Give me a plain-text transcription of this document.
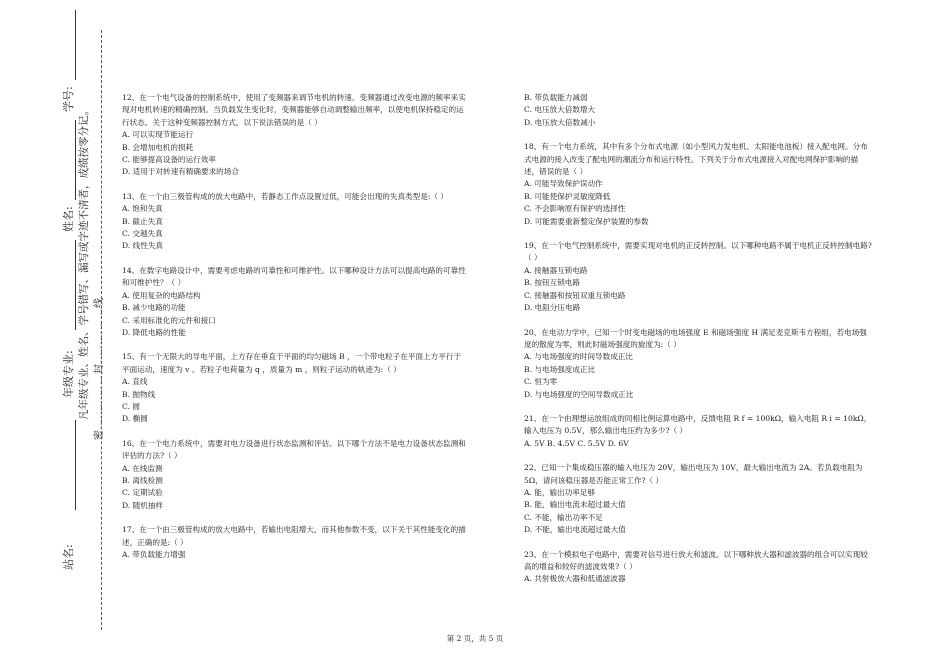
学号:
姓名:
年级专业:
站名:
凡年级专业、姓名、学号错写、漏写或字迹不清者，成绩按零分记。 密……………封……………线

12、在一个电气设备的控制系统中，使用了变频器来调节电机的转速。变频器通过改变电源的频率来实现对电机转速的精确控制。当负载发生变化时，变频器能够自动调整输出频率，以使电机保持稳定的运行状态。关于这种变频器控制方式，以下说法错误的是（ ）

A. 可以实现节能运行

B. 会增加电机的损耗

C. 能够提高设备的运行效率

D. 适用于对转速有精确要求的场合

13、在一个由三极管构成的放大电路中，若静态工作点设置过低，可能会出现的失真类型是:（ ）

A. 饱和失真

B. 截止失真

C. 交越失真

D. 线性失真

14、在数字电路设计中，需要考虑电路的可靠性和可维护性。以下哪种设计方法可以提高电路的可靠性和可维护性？（ ）

A. 使用复杂的电路结构

B. 减少电路的功能

C. 采用标准化的元件和接口

D. 降低电路的性能

15、有一个无限大的导电平面，上方存在垂直于平面的均匀磁场 B ，一个带电粒子在平面上方平行于平面运动，速度为 v 。若粒子电荷量为 q ，质量为 m ，则粒子运动的轨迹为:（ ）

A. 直线

B. 抛物线

C. 圆

D. 椭圆

16、在一个电力系统中，需要对电力设备进行状态监测和评估。以下哪个方法不是电力设备状态监测和评估的方法?（ ）

A. 在线监测

B. 离线检测

C. 定期试验

D. 随机抽样

17、在一个由三极管构成的放大电路中，若输出电阻增大，而其他参数不变，以下关于其性能变化的描述，正确的是:（ ）

A. 带负载能力增强

B. 带负载能力减弱

C. 电压放大倍数增大

D. 电压放大倍数减小

18、有一个电力系统，其中有多个分布式电源（如小型风力发电机、太阳能电池板）接入配电网。分布式电源的接入改变了配电网的潮流分布和运行特性。下列关于分布式电源接入对配电网保护影响的描述，错误的是（ ）

A. 可能导致保护误动作

B. 可能使保护灵敏度降低

C. 不会影响原有保护的选择性

D. 可能需要重新整定保护装置的参数

19、在一个电气控制系统中，需要实现对电机的正反转控制。以下哪种电路不属于电机正反转控制电路?（ ）

A. 接触器互锁电路

B. 按钮互锁电路

C. 接触器和按钮双重互锁电路

D. 电阻分压电路

20、在电动力学中，已知一个时变电磁场的电场强度 E 和磁场强度 H 满足麦克斯韦方程组，若电场强度的散度为零，则此时磁场强度的旋度为:（ ）

A. 与电场强度的时间导数成正比

B. 与电场强度成正比

C. 恒为零

D. 与电场强度的空间导数成正比

21、在一个由理想运放组成的同相比例运算电路中，反馈电阻 R f = 100kΩ，输入电阻 R i = 10kΩ，输入电压为 0.5V，那么输出电压约为多少?（ ）

A. 5V B. 4.5V C. 5.5V D. 6V

22、已知一个集成稳压器的输入电压为 20V，输出电压为 10V，最大输出电流为 2A。若负载电阻为 5Ω，请问该稳压器是否能正常工作?（ ）

A. 能，输出功率足够

B. 能，输出电流未超过最大值

C. 不能，输出功率不足

D. 不能，输出电流超过最大值

23、在一个模拟电子电路中，需要对信号进行放大和滤波。以下哪种放大器和滤波器的组合可以实现较高的增益和较好的滤波效果?（ ）

A. 共射极放大器和低通滤波器

第 2 页，共 5 页
